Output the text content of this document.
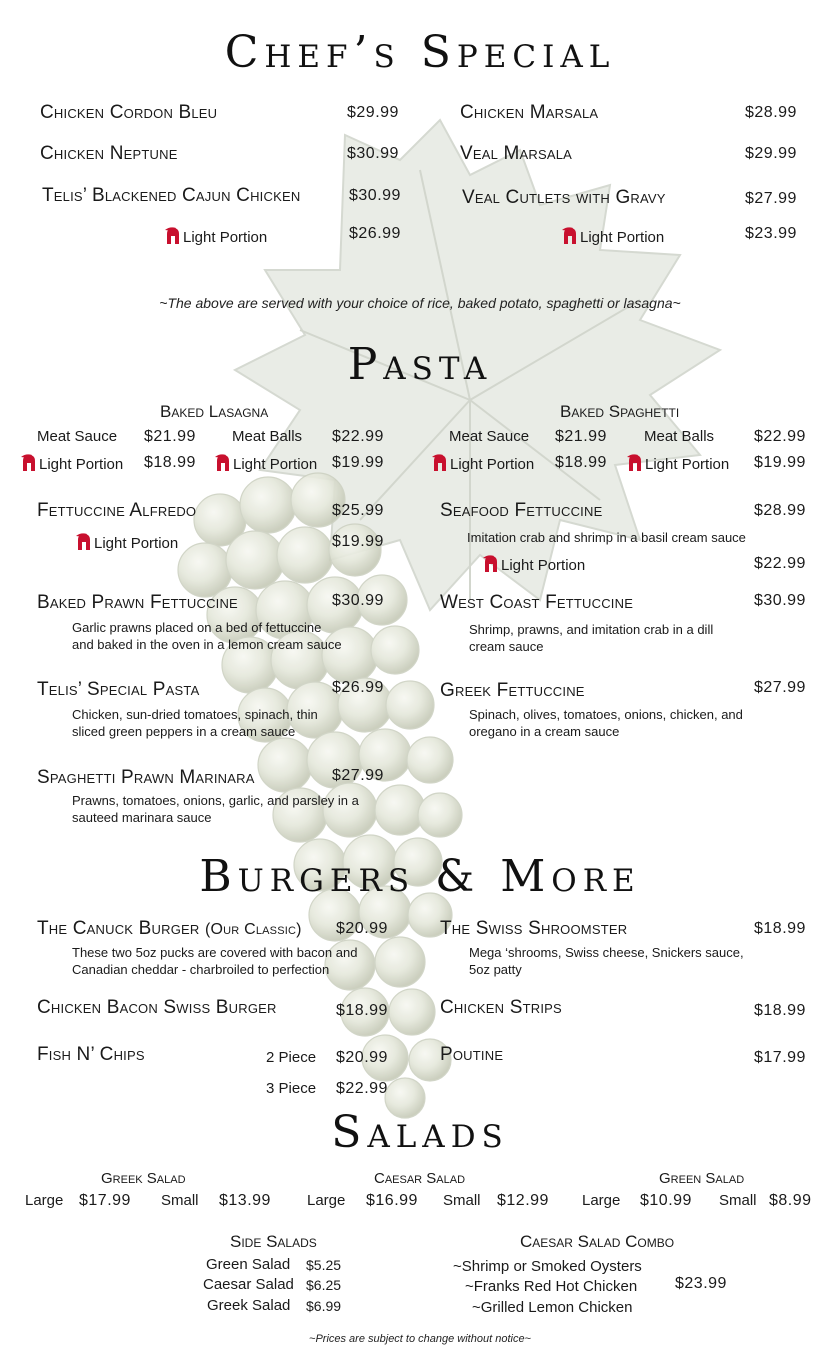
Chef’s Special
Chicken Cordon Bleu	$29.99
Chicken Neptune	$30.99
Telis’ Blackened Cajun Chicken	$30.99
Light Portion	$26.99
Chicken Marsala	$28.99
Veal Marsala	$29.99
Veal Cutlets with Gravy	$27.99
Light Portion	$23.99
~The above are served with your choice of rice, baked potato, spaghetti or lasagna~
Pasta
Baked Lasagna
Meat Sauce $21.99 Meat Balls $22.99
Light Portion $18.99	Light Portion $19.99
Baked Spaghetti
Meat Sauce $21.99 Meat Balls $22.99
Light Portion $18.99	Light Portion $19.99
Fettuccine Alfredo	$25.99
Light Portion	$19.99
Seafood Fettuccine	$28.99
Imitation crab and shrimp in a basil cream sauce
Light Portion	$22.99
Baked Prawn Fettuccine	$30.99
Garlic prawns placed on a bed of fettuccine
and baked in the oven in a lemon cream sauce
West Coast Fettuccine	$30.99
Shrimp, prawns, and imitation crab in a dill
cream sauce
Telis’ Special Pasta	$26.99
Chicken, sun-dried tomatoes, spinach, thin
sliced green peppers in a cream sauce
Greek Fettuccine	$27.99
Spinach, olives, tomatoes, onions, chicken, and
oregano in a cream sauce
Spaghetti Prawn Marinara	$27.99
Prawns, tomatoes, onions, garlic, and parsley in a
sauteed marinara sauce
Burgers & More
The Canuck Burger (Our Classic) $20.99
These two 5oz pucks are covered with bacon and
Canadian cheddar - charbroiled to perfection
The Swiss Shroomster	$18.99
Mega ‘shrooms, Swiss cheese, Snickers sauce,
5oz patty
Chicken Bacon Swiss Burger	$18.99	Chicken Strips	$18.99
Fish N’ Chips	2 Piece $20.99
3 Piece $22.99
Poutine	$17.99
Salads
Greek Salad
Large $17.99 Small $13.99
Caesar Salad
Large $16.99 Small $12.99
Green Salad
Large $10.99 Small $8.99
Side Salads
Green Salad $5.25
Caesar Salad $6.25
Greek Salad $6.99
Caesar Salad Combo
~Shrimp or Smoked Oysters
~Franks Red Hot Chicken
~Grilled Lemon Chicken
$23.99
~Prices are subject to change without notice~
